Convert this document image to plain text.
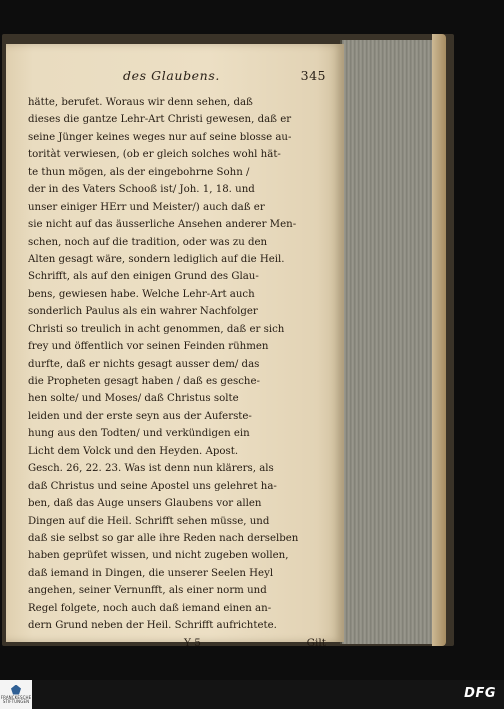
des Glaubens.	345
hätte, berufet. Woraus wir denn sehen, daß
dieses die gantze Lehr-Art Christi gewesen, daß er
seine Jünger keines weges nur auf seine blosse au-
toritàt verwiesen, (ob er gleich solches wohl hät-
te thun mögen, als der eingebohrne Sohn /
der in des Vaters Schooß ist/ Joh. 1, 18. und
unser einiger HErr und Meister/) auch daß er
sie nicht auf das äusserliche Ansehen anderer Men-
schen, noch auf die tradition, oder was zu den
Alten gesagt wäre, sondern lediglich auf die Heil.
Schrifft, als auf den einigen Grund des Glau-
bens, gewiesen habe. Welche Lehr-Art auch
sonderlich Paulus als ein wahrer Nachfolger
Christi so treulich in acht genommen, daß er sich
frey und öffentlich vor seinen Feinden rühmen
durfte, daß er nichts gesagt ausser dem/ das
die Propheten gesagt haben / daß es gesche-
hen solte/ und Moses/ daß Christus solte
leiden und der erste seyn aus der Auferste-
hung aus den Todten/ und verkündigen ein
Licht dem Volck und den Heyden. Apost.
Gesch. 26, 22. 23. Was ist denn nun klärers, als
daß Christus und seine Apostel uns gelehret ha-
ben, daß das Auge unsers Glaubens vor allen
Dingen auf die Heil. Schrifft sehen müsse, und
daß sie selbst so gar alle ihre Reden nach derselben
haben geprüfet wissen, und nicht zugeben wollen,
daß iemand in Dingen, die unserer Seelen Heyl
angehen, seiner Vernunfft, als einer norm und
Regel folgete, noch auch daß iemand einen an-
dern Grund neben der Heil. Schrifft aufrichtete.
Y 5	Gilt
FRANCKESCHE
STIFTUNGEN
DFG
